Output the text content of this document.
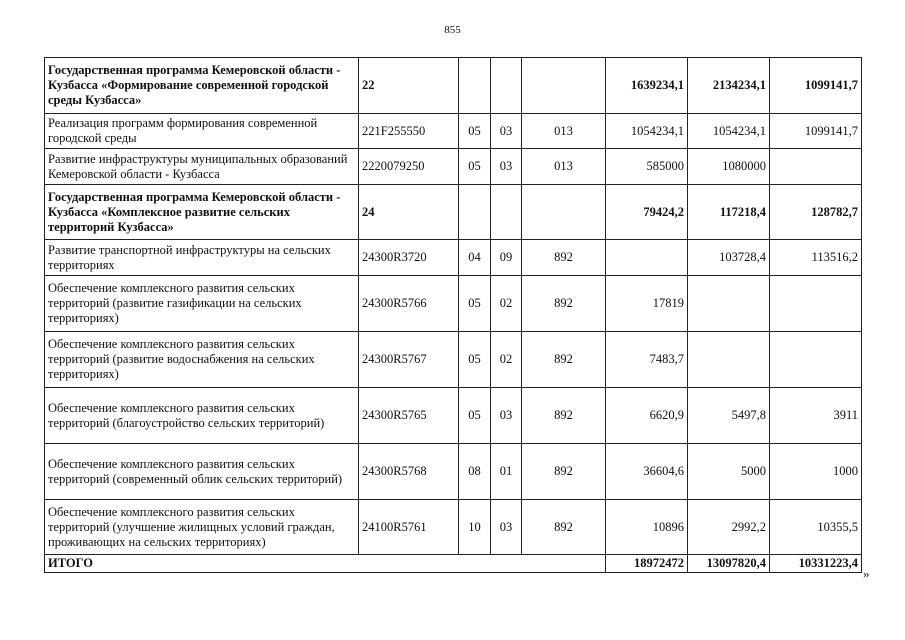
855
Государственная программа Кемеровской области - Кузбасса «Формирование современной городской среды Кузбасса»	22				1639234,1	2134234,1	1099141,7
Реализация программ формирования современной городской среды	221F255550	05	03	013	1054234,1	1054234,1	1099141,7
Развитие инфраструктуры муниципальных образований Кемеровской области - Кузбасса	2220079250	05	03	013	585000	1080000	
Государственная программа Кемеровской области - Кузбасса «Комплексное развитие сельских территорий Кузбасса»	24				79424,2	117218,4	128782,7
Развитие транспортной инфраструктуры на сельских территориях	24300R3720	04	09	892		103728,4	113516,2
Обеспечение комплексного развития сельских территорий (развитие газификации на сельских территориях)	24300R5766	05	02	892	17819		
Обеспечение комплексного развития сельских территорий (развитие водоснабжения на сельских территориях)	24300R5767	05	02	892	7483,7		
Обеспечение комплексного развития сельских территорий (благоустройство сельских территорий)	24300R5765	05	03	892	6620,9	5497,8	3911
Обеспечение комплексного развития сельских территорий (современный облик сельских территорий)	24300R5768	08	01	892	36604,6	5000	1000
Обеспечение комплексного развития сельских территорий (улучшение жилищных условий граждан, проживающих на сельских территориях)	24100R5761	10	03	892	10896	2992,2	10355,5
ИТОГО					18972472	13097820,4	10331223,4
»
